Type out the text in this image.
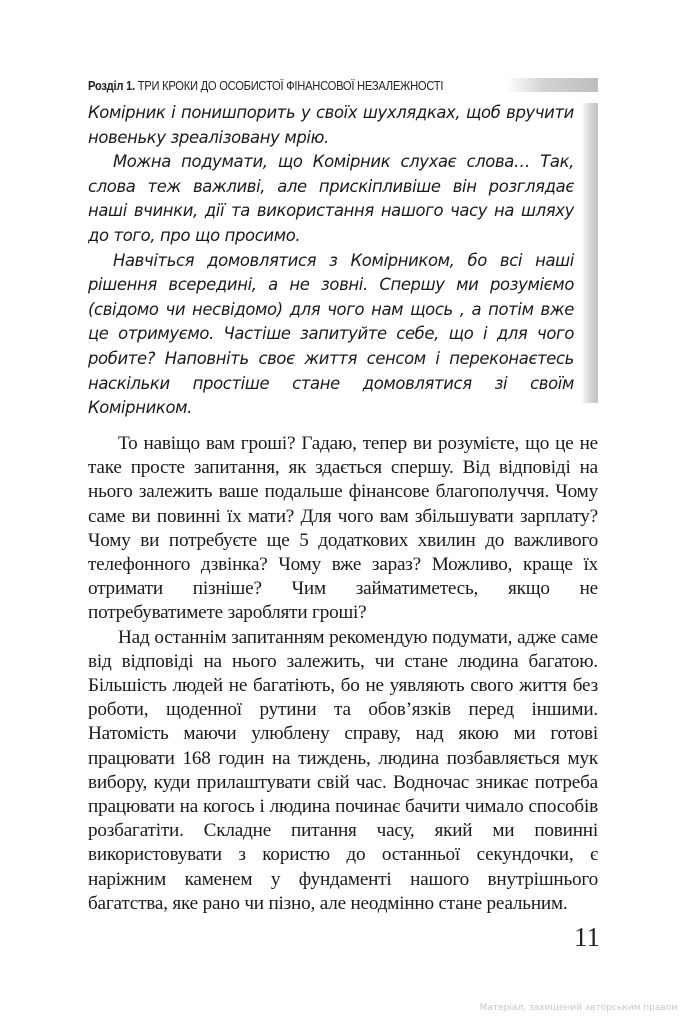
Розділ 1. ТРИ КРОКИ ДО ОСОБИСТОЇ ФІНАНСОВОЇ НЕЗАЛЕЖНОСТІ

Комірник і понишпорить у своїх шухлядках, щоб вручити новеньку зреалізовану мрію.

Можна подумати, що Комірник слухає слова… Так, слова теж важливі, але прискіпливіше він розглядає наші вчинки, дії та використання нашого часу на шляху до того, про що просимо.

Навчіться домовлятися з Комірником, бо всі наші рішення всередині, а не зовні. Спершу ми розуміємо (свідомо чи несвідомо) для чого нам щось , а потім вже це отримуємо. Частіше запитуйте себе, що і для чого робите? Наповніть своє життя сенсом і переконаєтесь наскільки простіше стане домовлятися зі своїм Комірником.

То навіщо вам гроші? Гадаю, тепер ви розумієте, що це не таке просте запитання, як здається спершу. Від відповіді на нього залежить ваше подальше фінансове благополуччя. Чому саме ви повинні їх мати? Для чого вам збільшувати зарплату? Чому ви потребуєте ще 5 додаткових хвилин до важливого телефонного дзвінка? Чому вже зараз? Можливо, краще їх отримати пізніше? Чим займатиметесь, якщо не потребуватимете заробляти гроші?

Над останнім запитанням рекомендую подумати, адже саме від відповіді на нього залежить, чи стане людина багатою. Більшість людей не багатіють, бо не уявляють свого життя без роботи, щоденної рутини та обов’язків перед іншими. Натомість маючи улюблену справу, над якою ми готові працювати 168 годин на тиждень, людина позбавляється мук вибору, куди прилаштувати свій час. Водночас зникає потреба працювати на когось і людина починає бачити чимало способів розбагатіти. Складне питання часу, який ми повинні використовувати з користю до останньої секундочки, є наріжним каменем у фундаменті нашого внутрішнього багатства, яке рано чи пізно, але неодмінно стане реальним.

11
Матеріал, захищений авторським правом
